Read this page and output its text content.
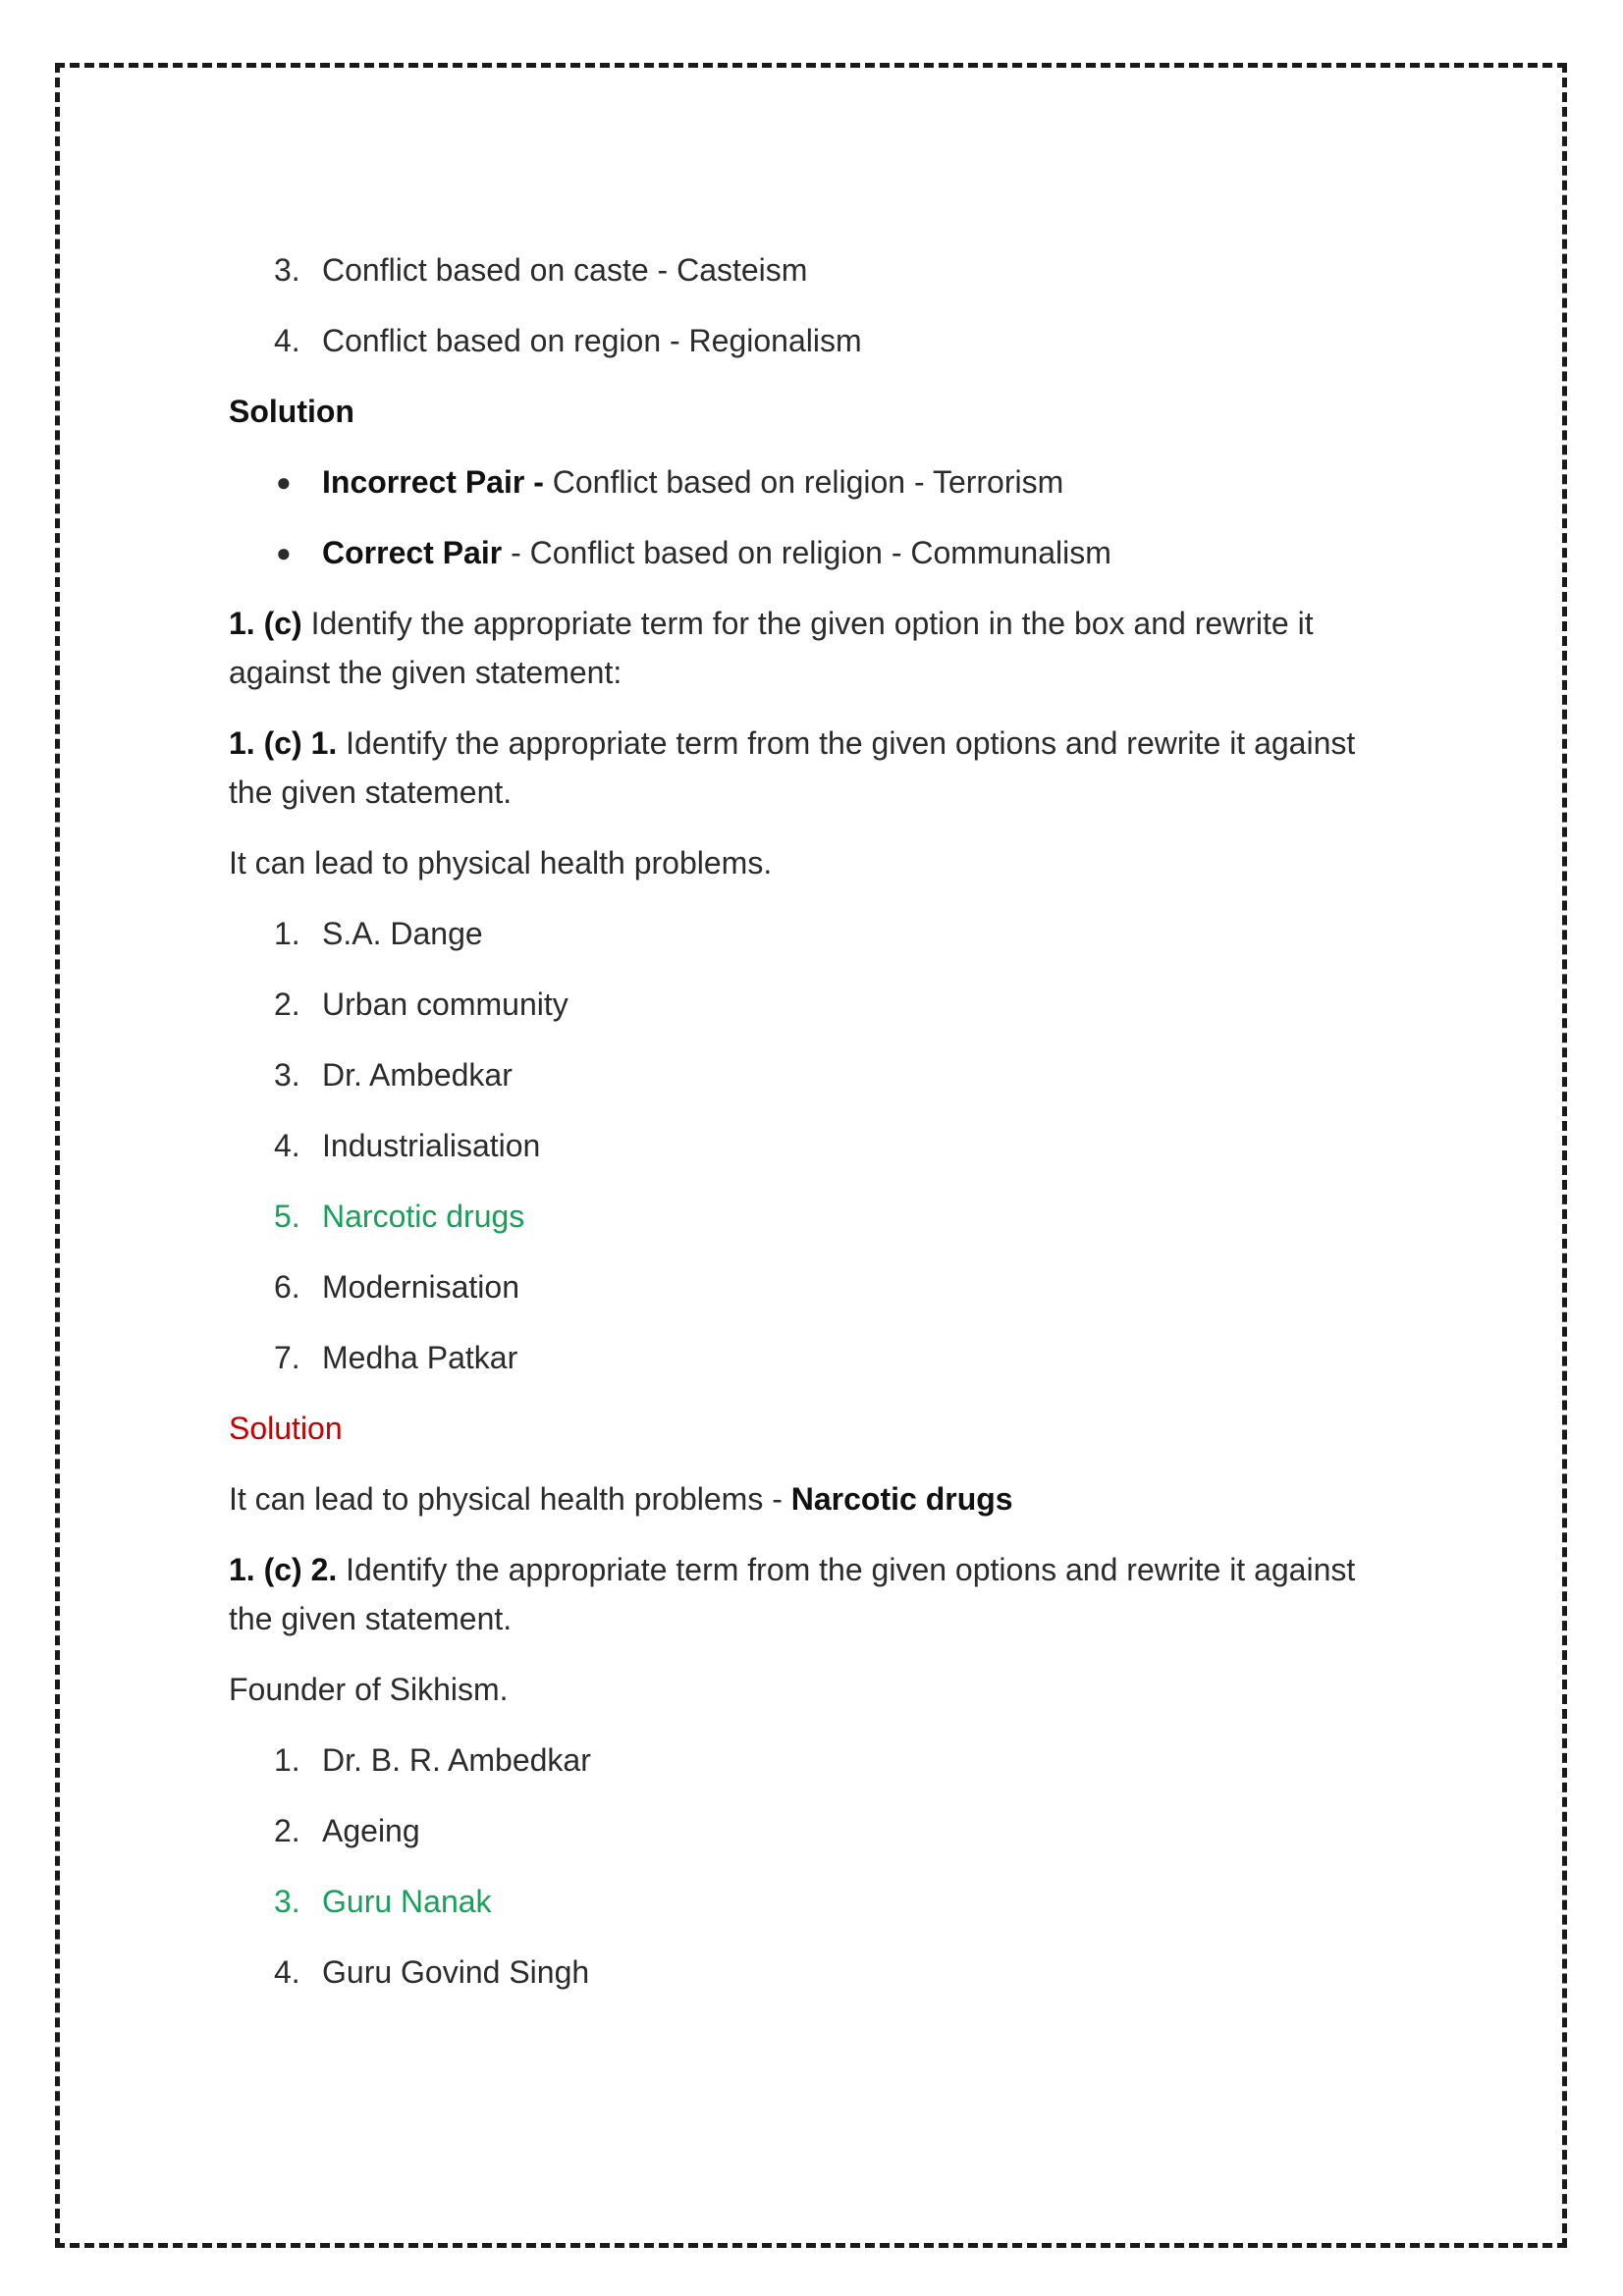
3. Conflict based on caste - Casteism
4. Conflict based on region - Regionalism
Solution
● Incorrect Pair - Conflict based on religion - Terrorism
● Correct Pair - Conflict based on religion - Communalism

1. (c) Identify the appropriate term for the given option in the box and rewrite it against the given statement:

1. (c) 1. Identify the appropriate term from the given options and rewrite it against the given statement.

It can lead to physical health problems.

1. S.A. Dange
2. Urban community
3. Dr. Ambedkar
4. Industrialisation
5. Narcotic drugs
6. Modernisation
7. Medha Patkar
Solution

It can lead to physical health problems - Narcotic drugs

1. (c) 2. Identify the appropriate term from the given options and rewrite it against the given statement.

Founder of Sikhism.

1. Dr. B. R. Ambedkar
2. Ageing
3. Guru Nanak
4. Guru Govind Singh
